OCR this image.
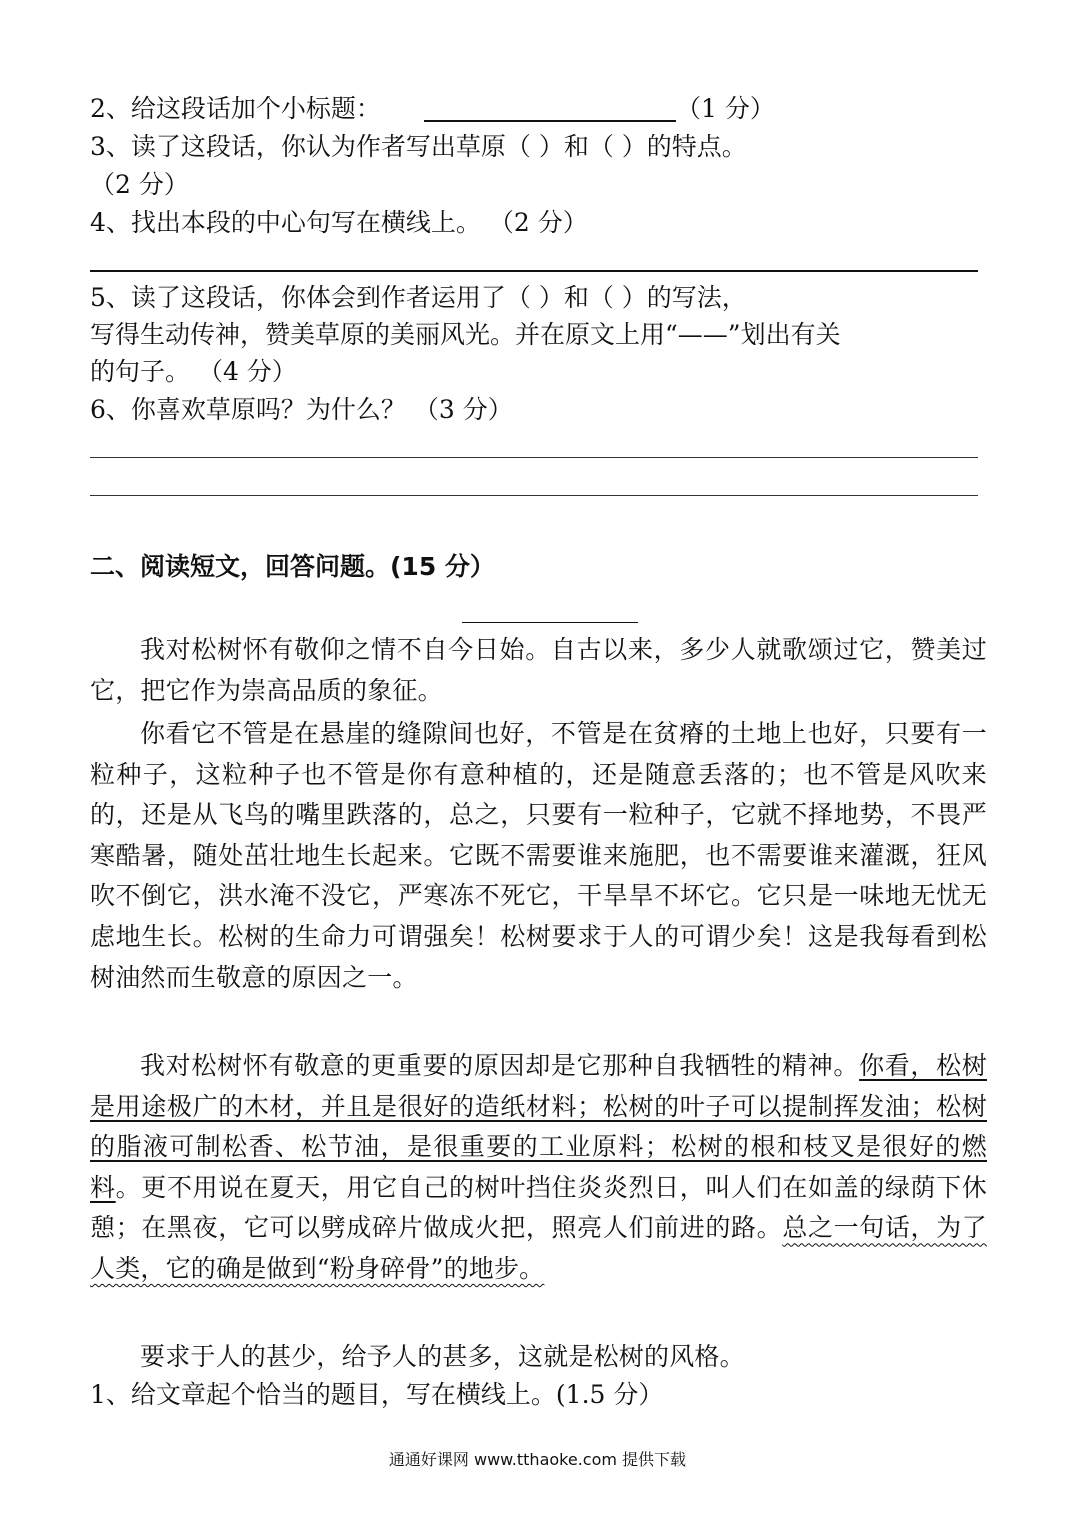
2、给这段话加个小标题：	（1 分）
3、读了这段话，你认为作者写出草原（ ）和（ ）的特点。
（2 分）
4、找出本段的中心句写在横线上。 （2 分）
5、读了这段话，你体会到作者运用了（ ）和（ ）的写法，
写得生动传神，赞美草原的美丽风光。并在原文上用“——”划出有关
的句子。 （4 分）
6、你喜欢草原吗？为什么？ （3 分）
二、阅读短文，回答问题。(15 分）
我对松树怀有敬仰之情不自今日始。自古以来，多少人就歌颂过它，赞美过它，把它作为崇高品质的象征。
你看它不管是在悬崖的缝隙间也好，不管是在贫瘠的土地上也好，只要有一粒种子，这粒种子也不管是你有意种植的，还是随意丢落的；也不管是风吹来的，还是从飞鸟的嘴里跌落的，总之，只要有一粒种子，它就不择地势，不畏严寒酷暑，随处茁壮地生长起来。它既不需要谁来施肥，也不需要谁来灌溉，狂风吹不倒它，洪水淹不没它，严寒冻不死它，干旱旱不坏它。它只是一味地无忧无虑地生长。松树的生命力可谓强矣！松树要求于人的可谓少矣！这是我每看到松树油然而生敬意的原因之一。
我对松树怀有敬意的更重要的原因却是它那种自我牺牲的精神。你看，松树是用途极广的木材，并且是很好的造纸材料；松树的叶子可以提制挥发油；松树的脂液可制松香、松节油，是很重要的工业原料；松树的根和枝叉是很好的燃料。更不用说在夏天，用它自己的树叶挡住炎炎烈日，叫人们在如盖的绿荫下休憩；在黑夜，它可以劈成碎片做成火把，照亮人们前进的路。总之一句话，为了人类，它的确是做到“粉身碎骨”的地步。
要求于人的甚少，给予人的甚多，这就是松树的风格。
1、给文章起个恰当的题目，写在横线上。(1.5 分）
通通好课网 www.tthaoke.com 提供下载
